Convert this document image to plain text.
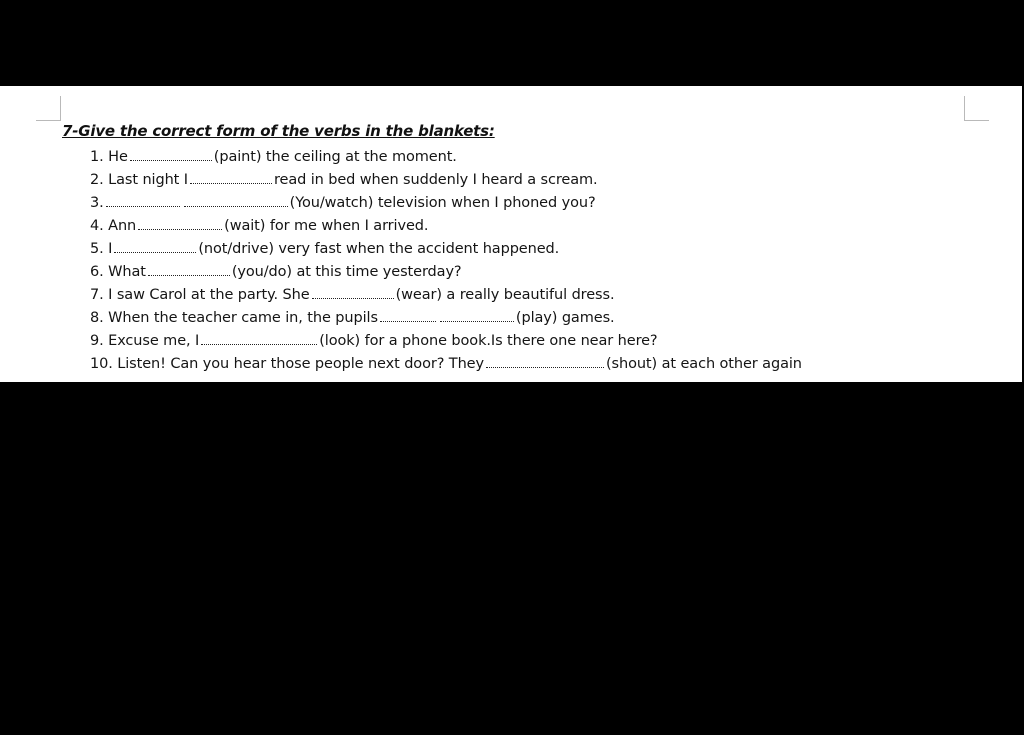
7-Give the correct form of the verbs in the blankets:
1. He	(paint) the ceiling at the moment.
2. Last night I	read in bed when suddenly I heard a scream.
3.	(You/watch) television when I phoned you?
4. Ann	(wait) for me when I arrived.
5. I	(not/drive) very fast when the accident happened.
6. What	(you/do) at this time yesterday?
7. I saw Carol at the party. She	(wear) a really beautiful dress.
8. When the teacher came in, the pupils	(play) games.
9. Excuse me, I	(look) for a phone book.Is there one near here?
10. Listen! Can you hear those people next door? They	(shout) at each other again
